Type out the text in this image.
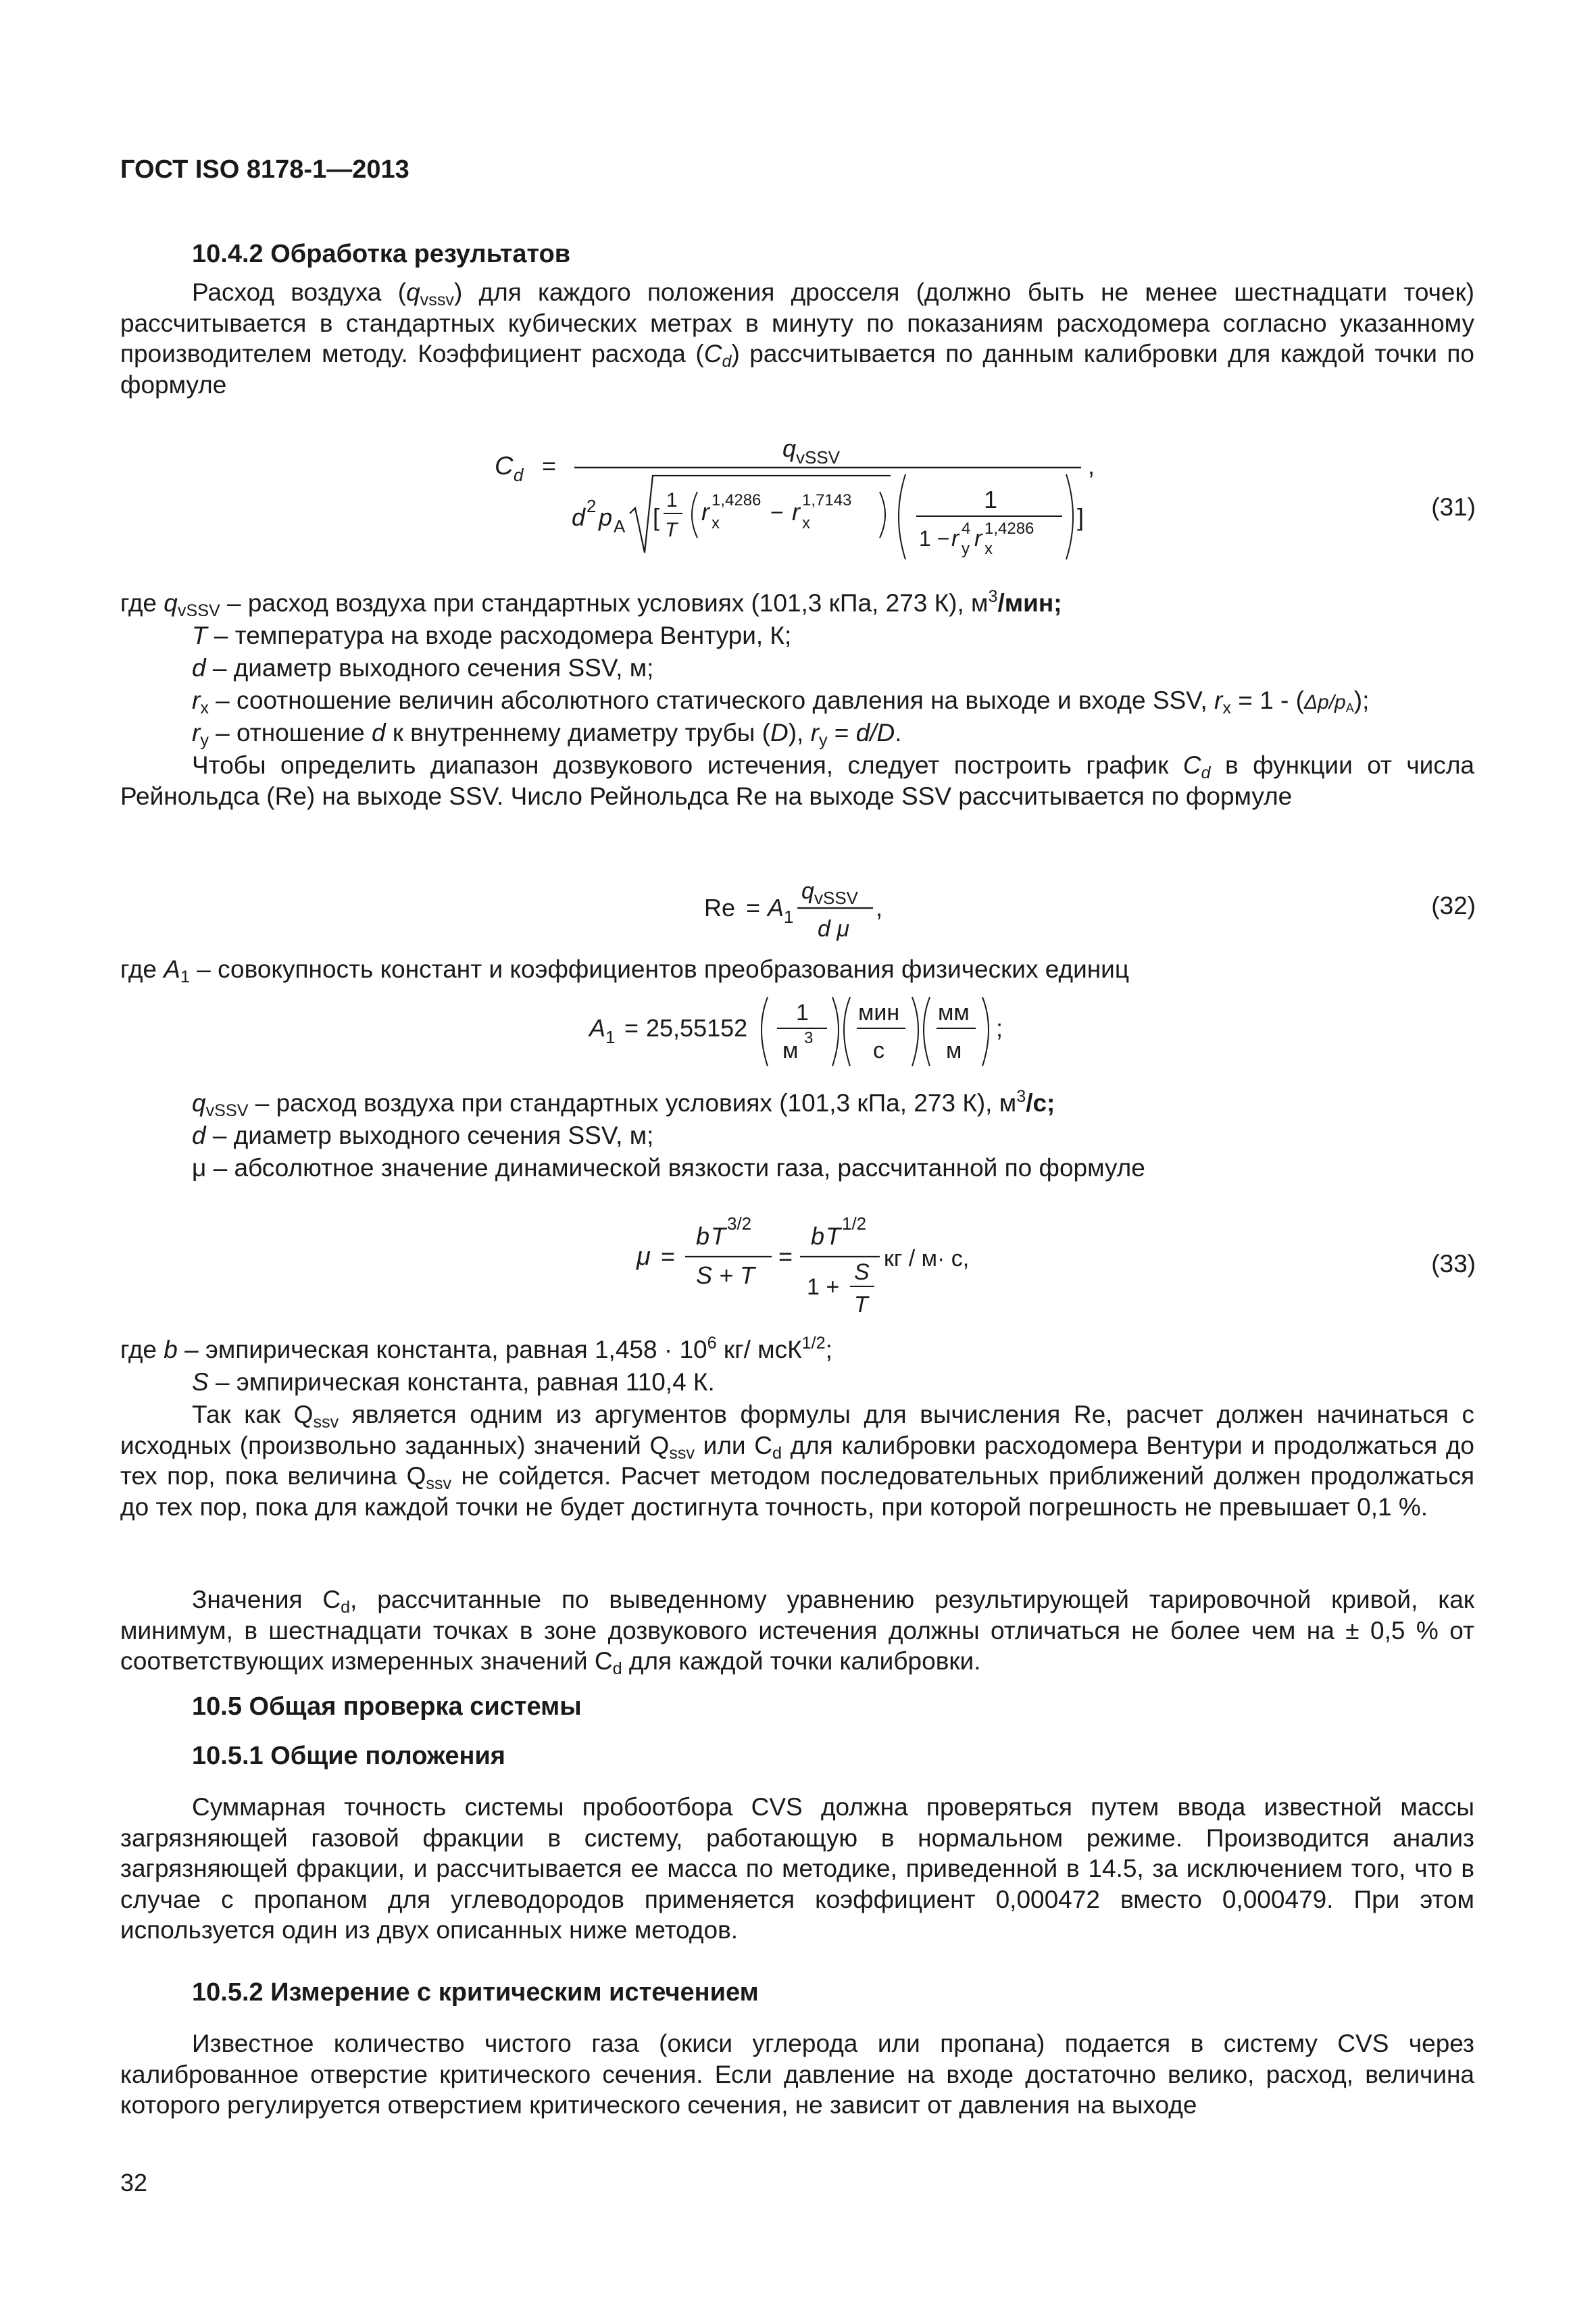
ГОСТ ISO 8178-1—2013
10.4.2 Обработка результатов

Расход воздуха $(q_{vssv})$ для каждого положения дросселя (должно быть не менее шестнадцати точек) рассчитывается в стандартных кубических метрах в минуту по показаниям расходомера согласно указанному производителем методу. Коэффициент расхода $(C_d)$ рассчитывается по данным калибровки для каждой точки по формуле

C d =
q vSSV	,
d 2 p A [
1
T
r x
1,4286 − r x
1,7143	1
1 − r y
4 r x
1,4286 ]	(31)
где $q_{vSSV}$ – расход воздуха при стандартных условиях (101,3 кПа, 273 К), $м^3$/мин;
T – температура на входе расходомера Вентури, К;
d – диаметр выходного сечения SSV, м;
$r_x$ – соотношение величин абсолютного статического давления на выходе и входе SSV, $r_x = 1 - (\Delta p/p_A)$;
$r_y$ – отношение d к внутреннему диаметру трубы (D), $r_y = d/D$.

Чтобы определить диапазон дозвукового истечения, следует построить график $C_d$ в функции от числа Рейнольдса (Re) на выходе SSV. Число Рейнольдса Re на выходе SSV рассчитывается по формуле

Re = A 1
q vSSV
d μ
,	(32)
где $A_1$ – совокупность констант и коэффициентов преобразования физических единиц
A 1 = 25,55152
1
м 3
мин
с
мм
м
;
$q_{vSSV}$ – расход воздуха при стандартных условиях (101,3 кПа, 273 К), $м^3/с$;
d – диаметр выходного сечения SSV, м;
μ – абсолютное значение динамической вязкости газа, рассчитанной по формуле
μ =
b T 3/2
S + T
=
b T 1/2
1 +
S
T
кг / м· с,	(33)
где b – эмпирическая константа, равная $1,458 \cdot 10^6$ кг/ мсК$^{1/2}$;
S – эмпирическая константа, равная 110,4 К.

Так как $Q_{ssv}$ является одним из аргументов формулы для вычисления Re, расчет должен начинаться с исходных (произвольно заданных) значений $Q_{ssv}$ или $C_d$ для калибровки расходомера Вентури и продолжаться до тех пор, пока величина $Q_{ssv}$ не сойдется. Расчет методом последовательных приближений должен продолжаться до тех пор, пока для каждой точки не будет достигнута точность, при которой погрешность не превышает 0,1 %.

Значения $C_d$, рассчитанные по выведенному уравнению результирующей тарировочной кривой, как минимум, в шестнадцати точках в зоне дозвукового истечения должны отличаться не более чем на ± 0,5 % от соответствующих измеренных значений $C_d$ для каждой точки калибровки.

10.5 Общая проверка системы
10.5.1 Общие положения

Суммарная точность системы пробоотбора CVS должна проверяться путем ввода известной массы загрязняющей газовой фракции в систему, работающую в нормальном режиме. Производится анализ загрязняющей фракции, и рассчитывается ее масса по методике, приведенной в 14.5, за исключением того, что в случае с пропаном для углеводородов применяется коэффициент 0,000472 вместо 0,000479. При этом используется один из двух описанных ниже методов.

10.5.2 Измерение с критическим истечением

Известное количество чистого газа (окиси углерода или пропана) подается в систему CVS через калиброванное отверстие критического сечения. Если давление на входе достаточно велико, расход, величина которого регулируется отверстием критического сечения, не зависит от давления на выходе

32
